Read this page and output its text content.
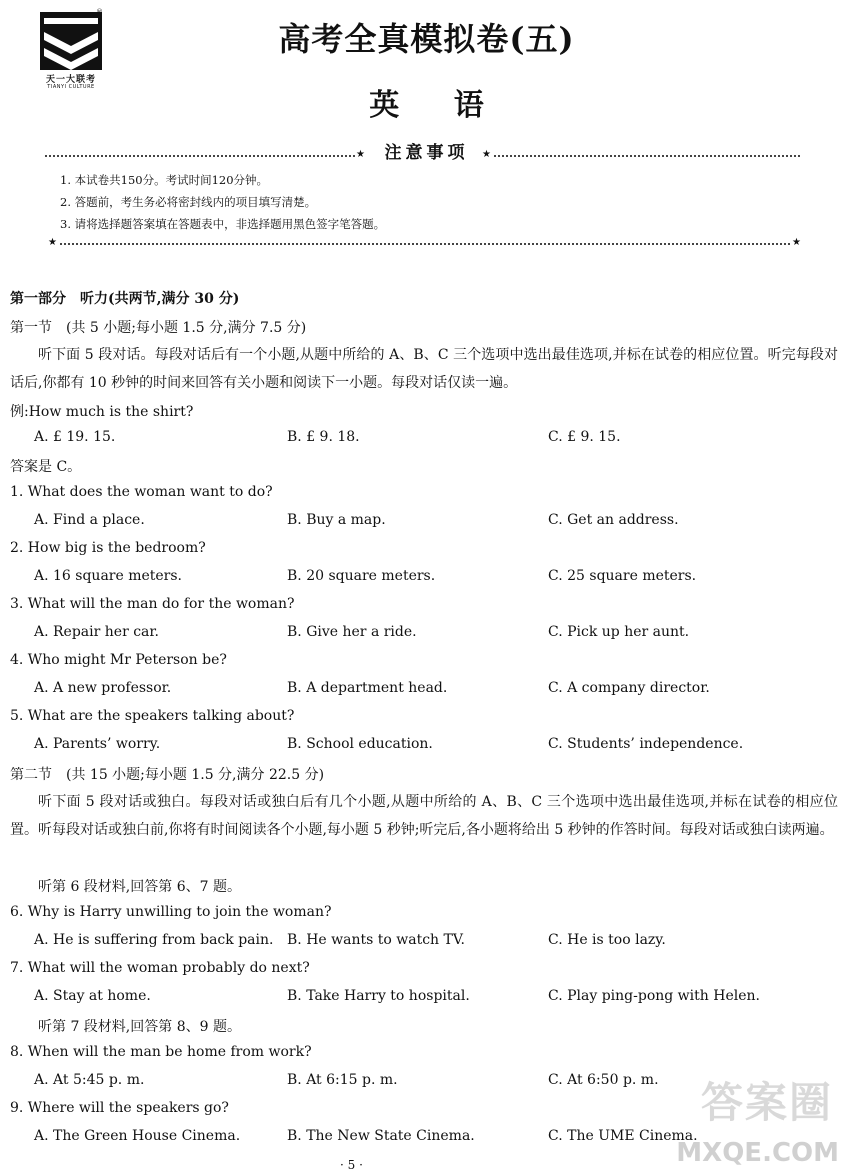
®
天一大联考
TIANYI CULTURE
高考全真模拟卷(五)
英 语
★	注意事项	★
1. 本试卷共150分。考试时间120分钟。
2. 答题前，考生务必将密封线内的项目填写清楚。
3. 请将选择题答案填在答题表中，非选择题用黑色签字笔答题。
★	★
第一部分　听力(共两节,满分 30 分)
第一节　(共 5 小题;每小题 1.5 分,满分 7.5 分)
听下面 5 段对话。每段对话后有一个小题,从题中所给的 A、B、C 三个选项中选出最佳选项,并标在试卷的相应位置。听完每段对话后,你都有 10 秒钟的时间来回答有关小题和阅读下一小题。每段对话仅读一遍。
例:How much is the shirt?
A. £ 19. 15.	B. £ 9. 18.	C. £ 9. 15.
答案是 C。
1. What does the woman want to do?
A. Find a place.	B. Buy a map.	C. Get an address.
2. How big is the bedroom?
A. 16 square meters.	B. 20 square meters.	C. 25 square meters.
3. What will the man do for the woman?
A. Repair her car.	B. Give her a ride.	C. Pick up her aunt.
4. Who might Mr Peterson be?
A. A new professor.	B. A department head.	C. A company director.
5. What are the speakers talking about?
A. Parents’ worry.	B. School education.	C. Students’ independence.
第二节　(共 15 小题;每小题 1.5 分,满分 22.5 分)
听下面 5 段对话或独白。每段对话或独白后有几个小题,从题中所给的 A、B、C 三个选项中选出最佳选项,并标在试卷的相应位置。听每段对话或独白前,你将有时间阅读各个小题,每小题 5 秒钟;听完后,各小题将给出 5 秒钟的作答时间。每段对话或独白读两遍。
听第 6 段材料,回答第 6、7 题。
6. Why is Harry unwilling to join the woman?
A. He is suffering from back pain. B. He wants to watch TV.	C. He is too lazy.
7. What will the woman probably do next?
A. Stay at home.	B. Take Harry to hospital.	C. Play ping-pong with Helen.
听第 7 段材料,回答第 8、9 题。
8. When will the man be home from work?
A. At 5:45 p. m.	B. At 6:15 p. m.	C. At 6:50 p. m.
9. Where will the speakers go?
A. The Green House Cinema.	B. The New State Cinema.	C. The UME Cinema.
答案圈
MXQE.COM
· 5 ·
